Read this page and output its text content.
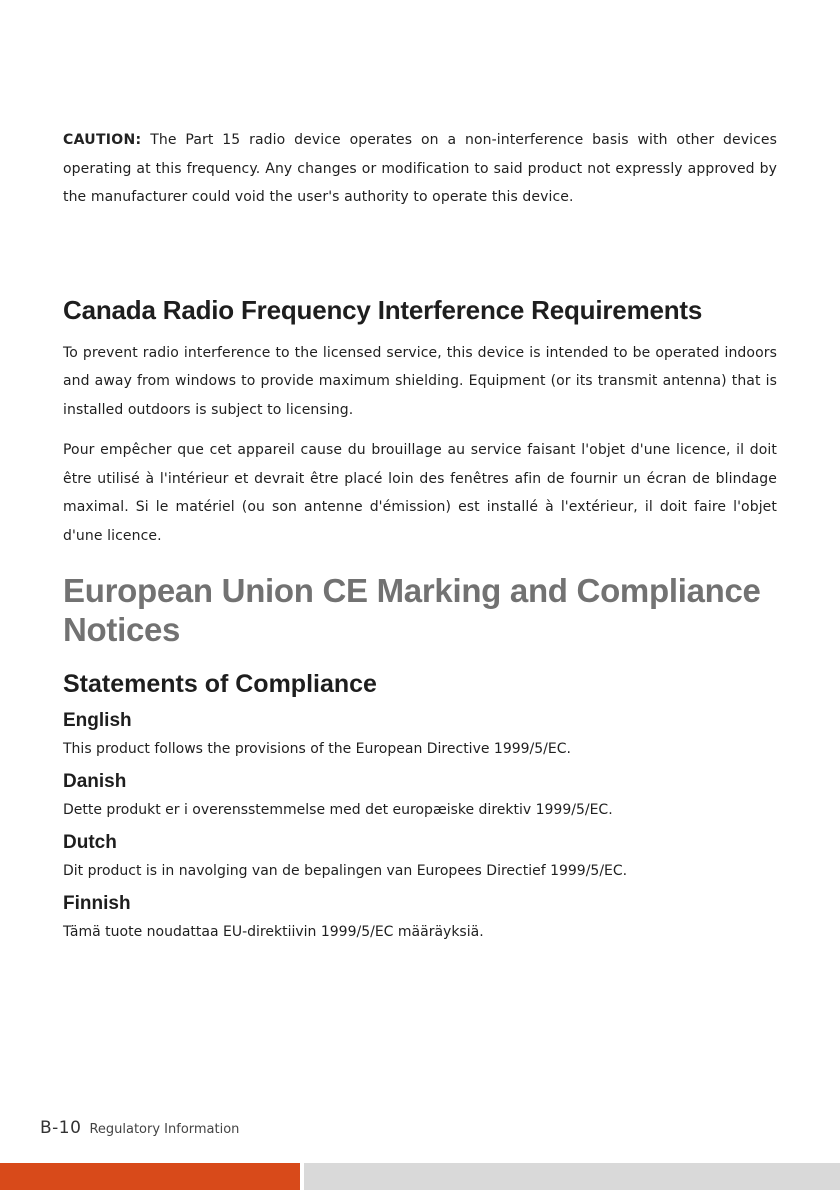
CAUTION: The Part 15 radio device operates on a non-interference basis with other devices operating at this frequency. Any changes or modification to said product not expressly approved by the manufacturer could void the user's authority to operate this device.

Canada Radio Frequency Interference Requirements

To prevent radio interference to the licensed service, this device is intended to be operated indoors and away from windows to provide maximum shielding. Equipment (or its transmit antenna) that is installed outdoors is subject to licensing.

Pour empêcher que cet appareil cause du brouillage au service faisant l'objet d'une licence, il doit être utilisé à l'intérieur et devrait être placé loin des fenêtres afin de fournir un écran de blindage maximal. Si le matériel (ou son antenne d'émission) est installé à l'extérieur, il doit faire l'objet d'une licence.

European Union CE Marking and Compliance Notices
Statements of Compliance
English

This product follows the provisions of the European Directive 1999/5/EC.

Danish

Dette produkt er i overensstemmelse med det europæiske direktiv 1999/5/EC.

Dutch

Dit product is in navolging van de bepalingen van Europees Directief 1999/5/EC.

Finnish

Tämä tuote noudattaa EU-direktiivin 1999/5/EC määräyksiä.

B-10 Regulatory Information
